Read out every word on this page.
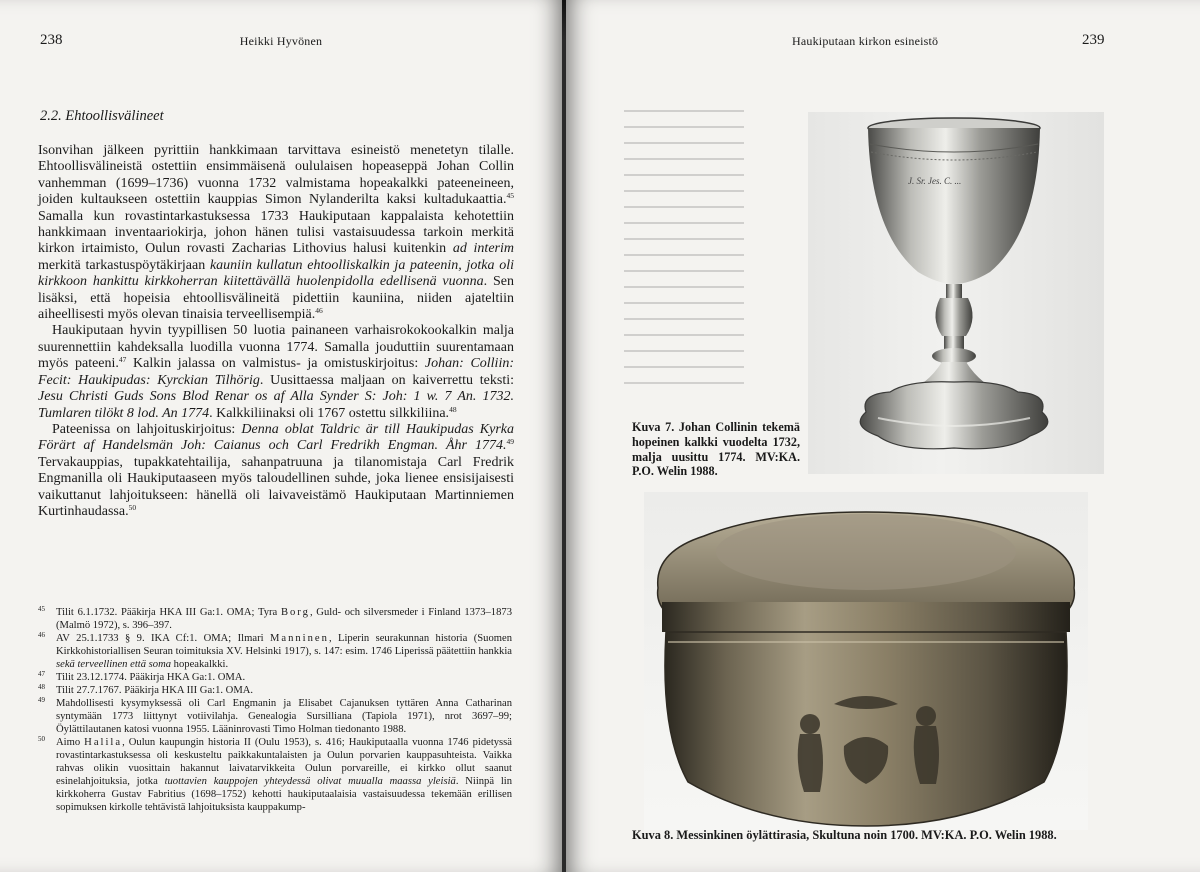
238	Heikki Hyvönen
2.2. Ehtoollisvälineet

Isonvihan jälkeen pyrittiin hankkimaan tarvittava esineistö menetetyn tilalle. Ehtoollisvälineistä ostettiin ensimmäisenä oululaisen hopeaseppä Johan Collin vanhemman (1699–1736) vuonna 1732 valmistama hopeakalkki pateeneineen, joiden kultaukseen ostettiin kauppias Simon Nylanderilta kaksi kultadukaattia.$^{45}$ Samalla kun rovastintarkastuksessa 1733 Haukiputaan kappalaista kehotettiin hankkimaan inventaariokirja, johon hänen tulisi vastaisuudessa tarkoin merkitä kirkon irtaimisto, Oulun rovasti Zacharias Lithovius halusi kuitenkin ad interim merkitä tarkastuspöytäkirjaan kauniin kullatun ehtoolliskalkin ja pateenin, jotka oli kirkkoon hankittu kirkkoherran kiitettävällä huolenpidolla edellisenä vuonna. Sen lisäksi, että hopeisia ehtoollisvälineitä pidettiin kauniina, niiden ajateltiin aiheellisesti myös olevan tinaisia terveellisempiä.$^{46}$

Haukiputaan hyvin tyypillisen 50 luotia painaneen varhaisrokokookalkin malja suurennettiin kahdeksalla luodilla vuonna 1774. Samalla jouduttiin suurentamaan myös pateeni.$^{47}$ Kalkin jalassa on valmistus- ja omistuskirjoitus: Johan: Colliin: Fecit: Haukipudas: Kyrckian Tilhörig. Uusittaessa maljaan on kaiverrettu teksti: Jesu Christi Guds Sons Blod Renar os af Alla Synder S: Joh: 1 w. 7 An. 1732. Tumlaren tilökt 8 lod. An 1774. Kalkkiliinaksi oli 1767 ostettu silkkiliina.$^{48}$

Pateenissa on lahjoituskirjoitus: Denna oblat Taldric är till Haukipudas Kyrka Förärt af Handelsmän Joh: Caianus och Carl Fredrikh Engman. Åhr 1774.49 Tervakauppias, tupakkatehtailija, sahanpatruuna ja tilanomistaja Carl Fredrik Engmanilla oli Haukiputaaseen myös taloudellinen suhde, joka lienee ensisijaisesti vaikuttanut lahjoitukseen: hänellä oli laivaveistämö Haukiputaan Martinniemen Kurtinhaudassa.$^{50}$

45 Tilit 6.1.1732. Pääkirja HKA III Ga:1. OMA; Tyra Borg, Guld- och silversmeder i Finland 1373–1873 (Malmö 1972), s. 396–397.
46 AV 25.1.1733 § 9. IKA Cf:1. OMA; Ilmari Manninen, Liperin seurakunnan historia (Suomen Kirkkohistoriallisen Seuran toimituksia XV. Helsinki 1917), s. 147: esim. 1746 Liperissä päätettiin hankkia sekä terveellinen että soma hopeakalkki.
47 Tilit 23.12.1774. Pääkirja HKA Ga:1. OMA.
48 Tilit 27.7.1767. Pääkirja HKA III Ga:1. OMA.
49 Mahdollisesti kysymyksessä oli Carl Engmanin ja Elisabet Cajanuksen tyttären Anna Catharinan syntymään 1773 liittynyt votiivilahja. Genealogia Sursilliana (Tapiola 1971), nrot 3697–99; Öylättilautanen katosi vuonna 1955. Lääninrovasti Timo Holman tiedonanto 1988.
50 Aimo Halila, Oulun kaupungin historia II (Oulu 1953), s. 416; Haukiputaalla vuonna 1746 pidetyssä rovastintarkastuksessa oli keskusteltu paikkakuntalaisten ja Oulun porvarien kauppasuhteista. Vaikka rahvas olikin vuosittain hakannut laivatarvikkeita Oulun porvareille, ei kirkko ollut saanut esinelahjoituksia, jotka tuottavien kauppojen yhteydessä olivat muualla maassa yleisiä. Niinpä lin kirkkoherra Gustav Fabritius (1698–1752) kehotti haukiputaalaisia vastaisuudessa tekemään erillisen sopimuksen kirkolle tehtävistä lahjoituksista kauppakump-
Haukiputaan kirkon esineistö	239
J. Sr. Jes. C. ...
Kuva 7. Johan Collinin tekemä hopeinen kalkki vuodelta 1732, malja uusittu 1774. MV:KA. P.O. Welin 1988.
Kuva 8. Messinkinen öylättirasia, Skultuna noin 1700. MV:KA. P.O. Welin 1988.
